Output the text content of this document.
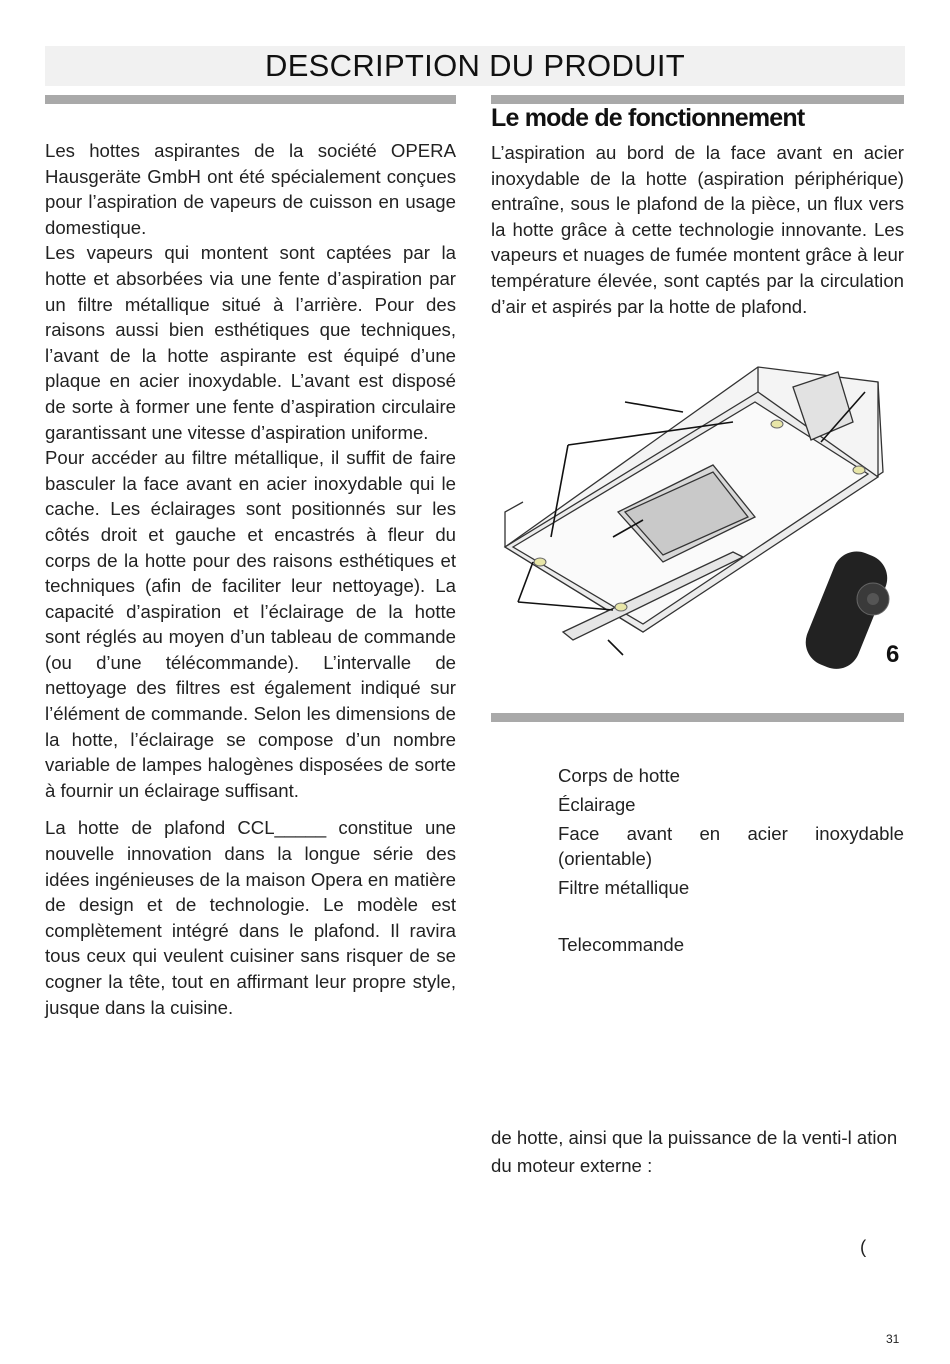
DESCRIPTION DU PRODUIT

Les hottes aspirantes de la société OPERA Hausgeräte GmbH ont été spécialement conçues pour l’aspiration de vapeurs de cuisson en usage domestique.

Les vapeurs qui montent sont captées par la hotte et absorbées via une fente d’aspiration par un filtre métallique situé à l’arrière. Pour des raisons aussi bien esthétiques que techniques, l’avant de la hotte aspirante est équipé d’une plaque en acier inoxydable. L’avant est disposé de sorte à former une fente d’aspiration circulaire garantissant une vitesse d’aspiration uniforme.

Pour accéder au filtre métallique, il suffit de faire basculer la face avant en acier inoxydable qui le cache. Les éclairages sont positionnés sur les côtés droit et gauche et encastrés à fleur du corps de la hotte pour des raisons esthétiques et techniques (afin de faciliter leur nettoyage). La capacité d’aspiration et l’éclairage de la hotte sont réglés au moyen d’un tableau de commande (ou d’une télécommande). L’intervalle de nettoyage des filtres est également indiqué sur l’élément de commande. Selon les dimensions de la hotte, l’éclairage se compose d’un nombre variable de lampes halogènes disposées de sorte à fournir un éclairage suffisant.

La hotte de plafond CCL_____ constitue une nouvelle innovation dans la longue série des idées ingénieuses de la maison Opera en matière de design et de technologie. Le modèle est complètement intégré dans le plafond. Il ravira tous ceux qui veulent cuisiner sans risquer de se cogner la tête, tout en affirmant leur propre style, jusque dans la cuisine.

Le mode de fonctionnement

L’aspiration au bord de la face avant en acier inoxydable de la hotte (aspiration périphérique) entraîne, sous le plafond de la pièce, un flux vers la hotte grâce à cette technologie innovante. Les vapeurs et nuages de fumée montent grâce à leur température élevée, sont captés par la circulation d’air et aspirés par la hotte de plafond.

6
Corps de hotte
Éclairage
Face avant en acier inoxydable (orientable)
Filtre métallique
Telecommande
de hotte, ainsi que la puissance de la venti-l ation du moteur externe :
(
31
